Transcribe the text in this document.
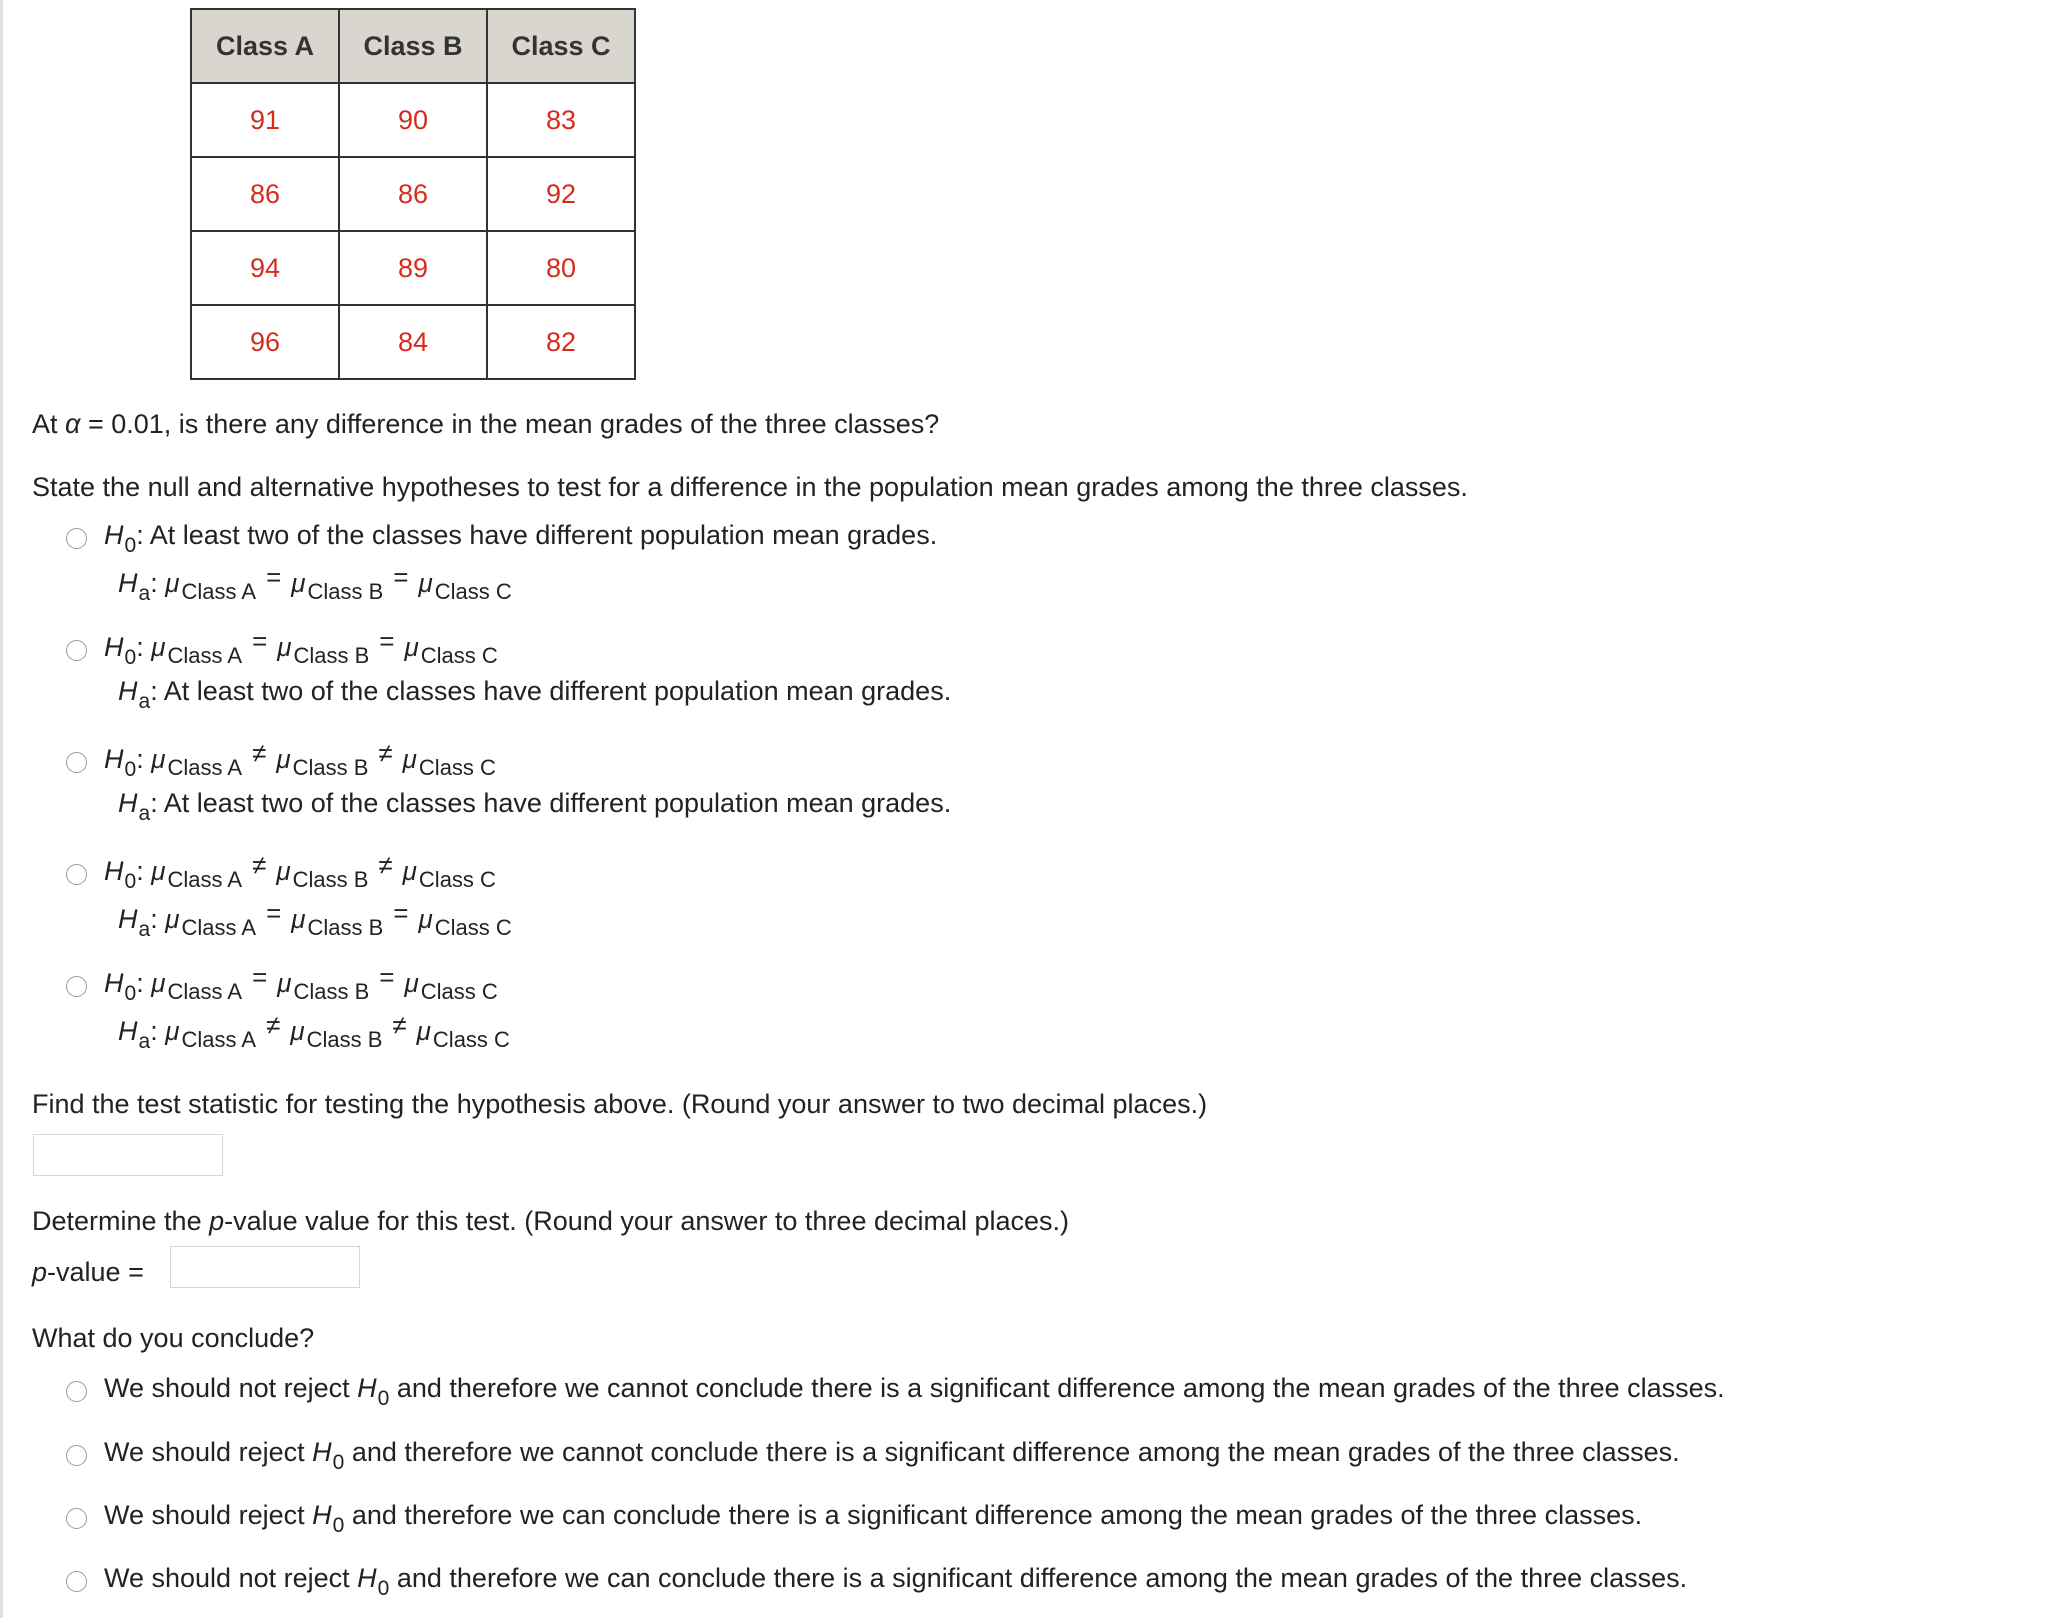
Class A	Class B	Class C
91	90	83
86	86	92
94	89	80
96	84	82
At α = 0.01, is there any difference in the mean grades of the three classes?
State the null and alternative hypotheses to test for a difference in the population mean grades among the three classes.
$H_0$: At least two of the classes have different population mean grades.
$H_a$: $\mu_{Class A} = \mu_{Class B} = \mu_{Class C}$
$H_0$: $\mu_{Class A} = \mu_{Class B} = \mu_{Class C}$
$H_a$: At least two of the classes have different population mean grades.
$H_0$: $\mu_{Class A} \ne \mu_{Class B} \ne \mu_{Class C}$
$H_a$: At least two of the classes have different population mean grades.
$H_0$: $\mu_{Class A} \ne \mu_{Class B} \ne \mu_{Class C}$
$H_a$: $\mu_{Class A} = \mu_{Class B} = \mu_{Class C}$
$H_0$: $\mu_{Class A} = \mu_{Class B} = \mu_{Class C}$
$H_a$: $\mu_{Class A} \ne \mu_{Class B} \ne \mu_{Class C}$
Find the test statistic for testing the hypothesis above. (Round your answer to two decimal places.)
Determine the p-value value for this test. (Round your answer to three decimal places.)
p-value =
What do you conclude?
We should not reject $H_0$ and therefore we cannot conclude there is a significant difference among the mean grades of the three classes.
We should reject $H_0$ and therefore we cannot conclude there is a significant difference among the mean grades of the three classes.
We should reject $H_0$ and therefore we can conclude there is a significant difference among the mean grades of the three classes.
We should not reject $H_0$ and therefore we can conclude there is a significant difference among the mean grades of the three classes.
